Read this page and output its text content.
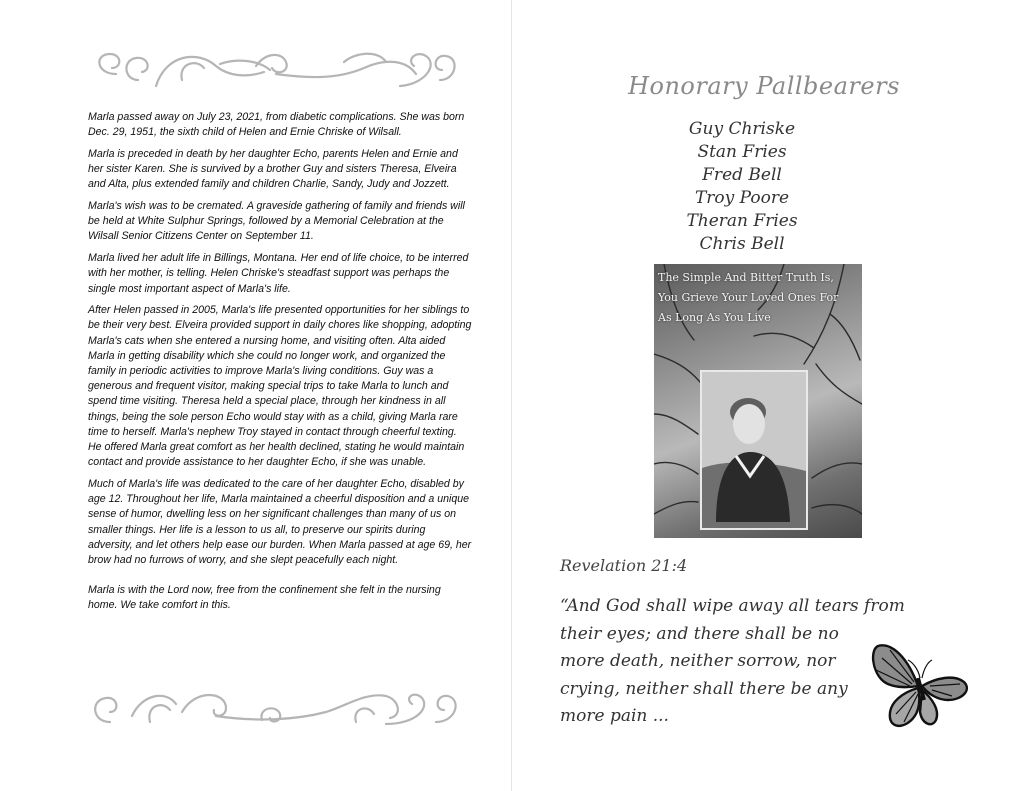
Marla passed away on July 23, 2021, from diabetic complications. She was born Dec. 29, 1951, the sixth child of Helen and Ernie Chriske of Wilsall.

Marla is preceded in death by her daughter Echo, parents Helen and Ernie and her sister Karen. She is survived by a brother Guy and sisters Theresa, Elveira and Alta, plus extended family and children Charlie, Sandy, Judy and Jozzett.

Marla's wish was to be cremated. A graveside gathering of family and friends will be held at White Sulphur Springs, followed by a Memorial Celebration at the Wilsall Senior Citizens Center on September 11.

Marla lived her adult life in Billings, Montana. Her end of life choice, to be interred with her mother, is telling. Helen Chriske's steadfast support was perhaps the single most important aspect of Marla's life.

After Helen passed in 2005, Marla's life presented opportunities for her siblings to be their very best. Elveira provided support in daily chores like shopping, adopting Marla's cats when she entered a nursing home, and visiting often. Alta aided Marla in getting disability which she could no longer work, and organized the family in periodic activities to improve Marla's living conditions. Guy was a generous and frequent visitor, making special trips to take Marla to lunch and spend time visiting. Theresa held a special place, through her kindness in all things, being the sole person Echo would stay with as a child, giving Marla rare time to herself. Marla's nephew Troy stayed in contact through cheerful texting. He offered Marla great comfort as her health declined, stating he would maintain contact and provide assistance to her daughter Echo, if she was unable.

Much of Marla's life was dedicated to the care of her daughter Echo, disabled by age 12. Throughout her life, Marla maintained a cheerful disposition and a unique sense of humor, dwelling less on her significant challenges than many of us on smaller things. Her life is a lesson to us all, to preserve our spirits during adversity, and let others help ease our burden. When Marla passed at age 69, her brow had no furrows of worry, and she slept peacefully each night.

Marla is with the Lord now, free from the confinement she felt in the nursing home. We take comfort in this.

Honorary Pallbearers
Guy Chriske
Stan Fries
Fred Bell
Troy Poore
Theran Fries
Chris Bell
The Simple And Bitter Truth Is,
You Grieve Your Loved Ones For
As Long As You Live
Revelation 21:4
“And God shall wipe away all tears from
their eyes; and there shall be no
more death, neither sorrow, nor
crying, neither shall there be any
more pain ...
